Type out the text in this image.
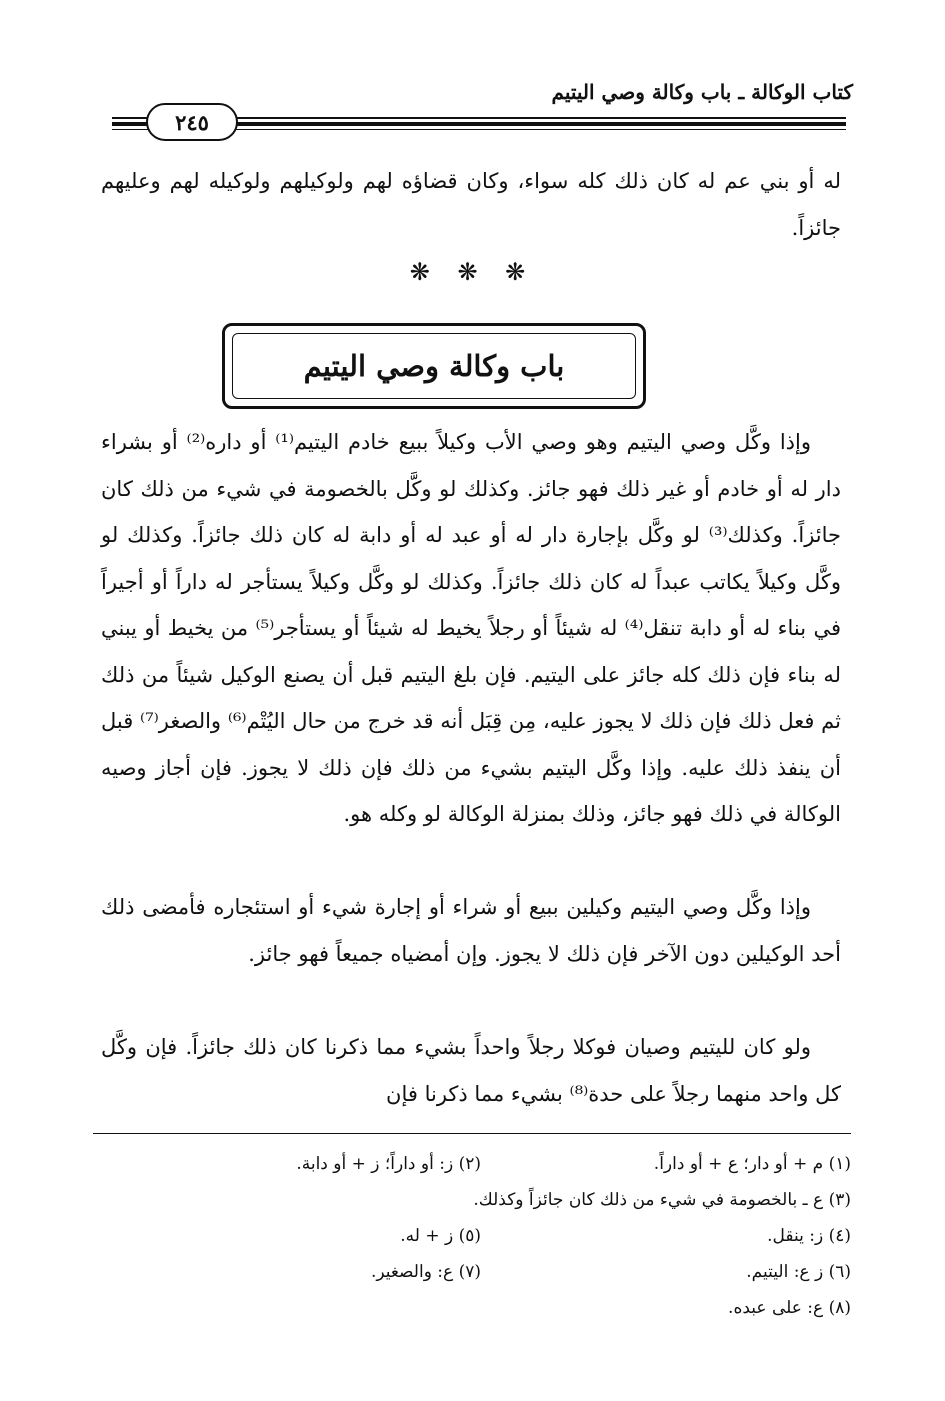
كتاب الوكالة ـ باب وكالة وصي اليتيم
٢٤٥
له أو بني عم له كان ذلك كله سواء، وكان قضاؤه لهم ولوكيلهم ولوكيله لهم وعليهم جائزاً.
❋ ❋ ❋
باب وكالة وصي اليتيم
وإذا وكَّل وصي اليتيم وهو وصي الأب وكيلاً ببيع خادم اليتيم⁽¹⁾ أو داره⁽²⁾ أو بشراء دار له أو خادم أو غير ذلك فهو جائز. وكذلك لو وكَّل بالخصومة في شيء من ذلك كان جائزاً. وكذلك⁽³⁾ لو وكَّل بإجارة دار له أو عبد له أو دابة له كان ذلك جائزاً. وكذلك لو وكَّل وكيلاً يكاتب عبداً له كان ذلك جائزاً. وكذلك لو وكَّل وكيلاً يستأجر له داراً أو أجيراً في بناء له أو دابة تنقل⁽⁴⁾ له شيئاً أو رجلاً يخيط له شيئاً أو يستأجر⁽⁵⁾ من يخيط أو يبني له بناء فإن ذلك كله جائز على اليتيم. فإن بلغ اليتيم قبل أن يصنع الوكيل شيئاً من ذلك ثم فعل ذلك فإن ذلك لا يجوز عليه، مِن قِبَل أنه قد خرج من حال اليُتْم⁽⁶⁾ والصغر⁽⁷⁾ قبل أن ينفذ ذلك عليه. وإذا وكَّل اليتيم بشيء من ذلك فإن ذلك لا يجوز. فإن أجاز وصيه الوكالة في ذلك فهو جائز، وذلك بمنزلة الوكالة لو وكله هو.
وإذا وكَّل وصي اليتيم وكيلين ببيع أو شراء أو إجارة شيء أو استئجاره فأمضى ذلك أحد الوكيلين دون الآخر فإن ذلك لا يجوز. وإن أمضياه جميعاً فهو جائز.
ولو كان لليتيم وصيان فوكلا رجلاً واحداً بشيء مما ذكرنا كان ذلك جائزاً. فإن وكَّل كل واحد منهما رجلاً على حدة⁽⁸⁾ بشيء مما ذكرنا فإن
(١) م + أو دار؛ ع + أو داراً.
(٢) ز: أو داراً؛ ز + أو دابة.
(٣) ع ـ بالخصومة في شيء من ذلك كان جائزاً وكذلك.
(٤) ز: ينقل.
(٥) ز + له.
(٦) ز ع: اليتيم.
(٧) ع: والصغير.
(٨) ع: على عبده.
